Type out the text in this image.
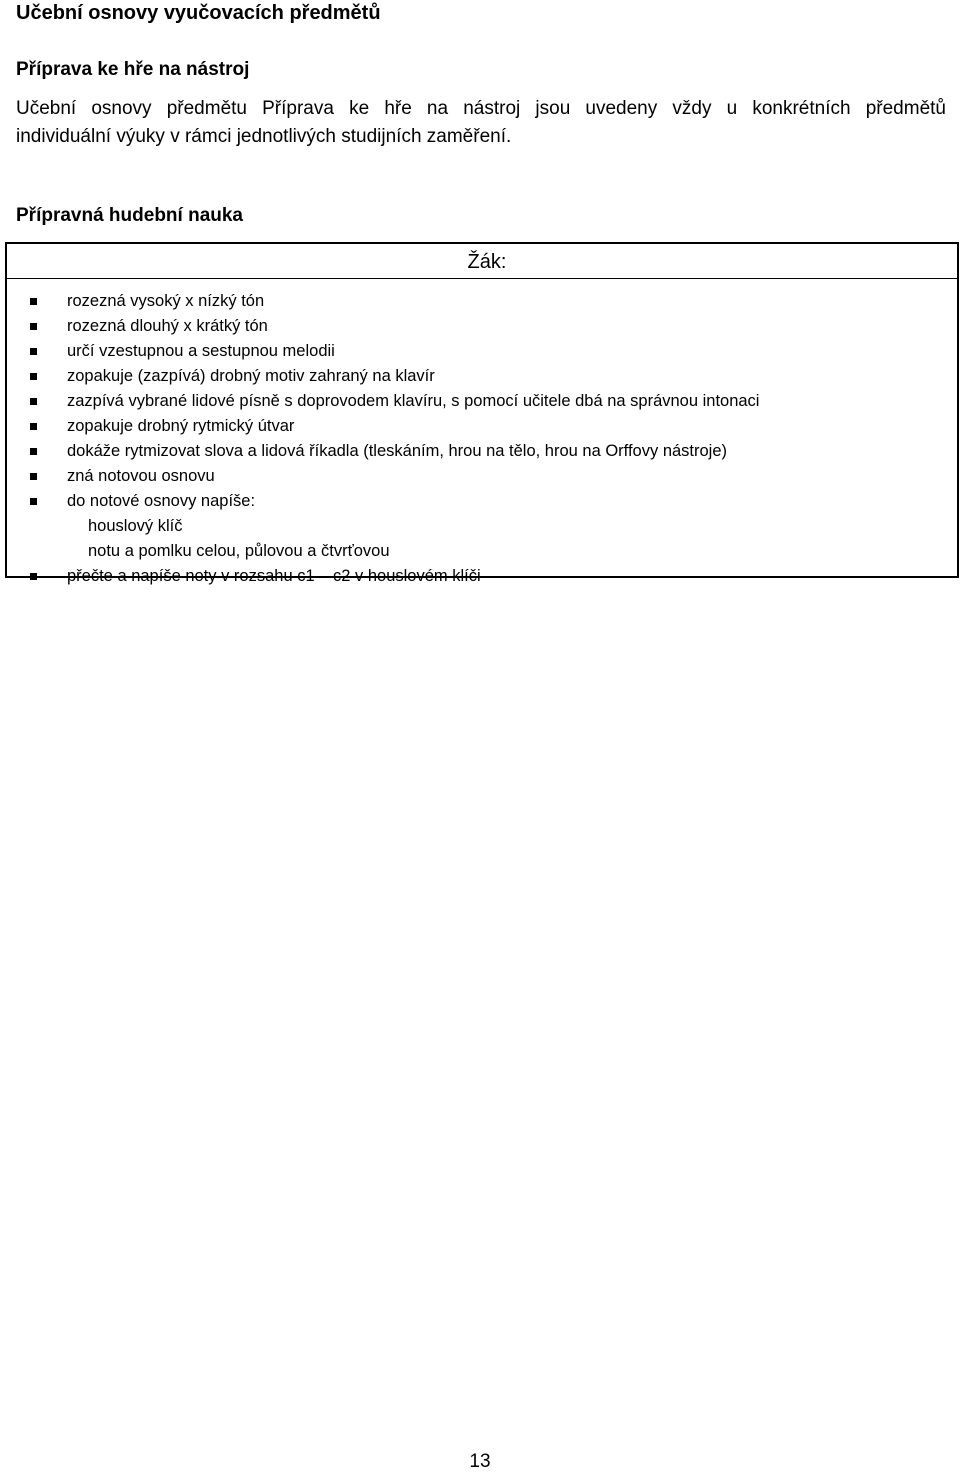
Učební osnovy vyučovacích předmětů
Příprava ke hře na nástroj
Učební osnovy předmětu Příprava ke hře na nástroj jsou uvedeny vždy u konkrétních předmětů
individuální výuky v rámci jednotlivých studijních zaměření.
Přípravná hudební nauka
Žák:
rozezná vysoký x nízký tón
rozezná dlouhý x krátký tón
určí vzestupnou a sestupnou melodii
zopakuje (zazpívá) drobný motiv zahraný na klavír
zazpívá vybrané lidové písně s doprovodem klavíru, s pomocí učitele dbá na správnou intonaci
zopakuje drobný rytmický útvar
dokáže rytmizovat slova a lidová říkadla (tleskáním, hrou na tělo, hrou na Orffovy nástroje)
zná notovou osnovu
do notové osnovy napíše:
houslový klíč
notu a pomlku celou, půlovou a čtvrťovou
přečte a napíše noty v rozsahu c1 – c2 v houslovém klíči
13
